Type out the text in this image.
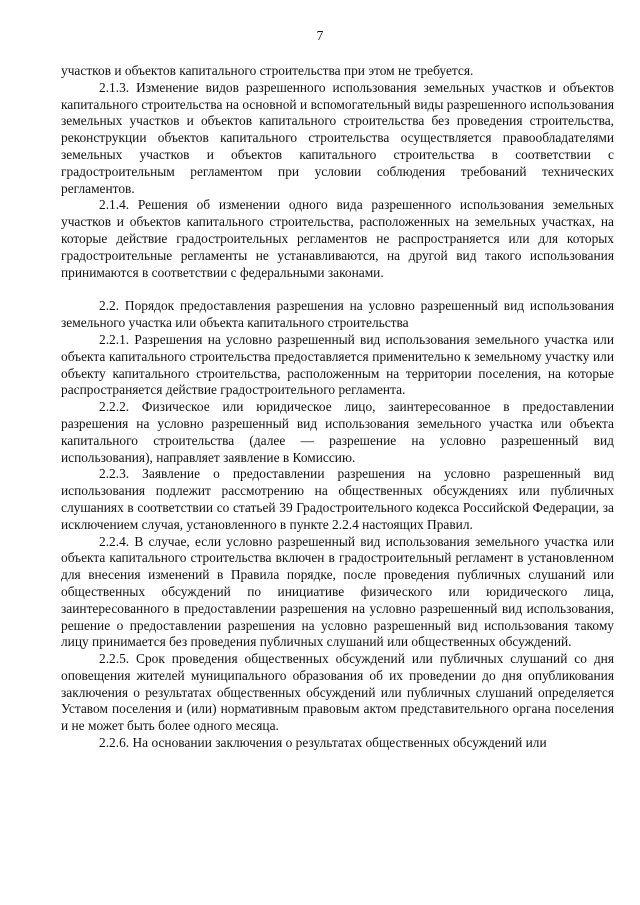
7

участков и объектов капитального строительства при этом не требуется.

2.1.3. Изменение видов разрешенного использования земельных участков и объектов капитального строительства на основной и вспомогательный виды разрешенного использования земельных участков и объектов капитального строительства без проведения строительства, реконструкции объектов капитального строительства осуществляется правообладателями земельных участков и объектов капитального строительства в соответствии с градостроительным регламентом при условии соблюдения требований технических регламентов.

2.1.4. Решения об изменении одного вида разрешенного использования земельных участков и объектов капитального строительства, расположенных на земельных участках, на которые действие градостроительных регламентов не распространяется или для которых градостроительные регламенты не устанавливаются, на другой вид такого использования принимаются в соответствии с федеральными законами.

2.2. Порядок предоставления разрешения на условно разрешенный вид использования земельного участка или объекта капитального строительства

2.2.1. Разрешения на условно разрешенный вид использования земельного участка или объекта капитального строительства предоставляется применительно к земельному участку или объекту капитального строительства, расположенным на территории поселения, на которые распространяется действие градостроительного регламента.

2.2.2. Физическое или юридическое лицо, заинтересованное в предоставлении разрешения на условно разрешенный вид использования земельного участка или объекта капитального строительства (далее — разрешение на условно разрешенный вид использования), направляет заявление в Комиссию.

2.2.3. Заявление о предоставлении разрешения на условно разрешенный вид использования подлежит рассмотрению на общественных обсуждениях или публичных слушаниях в соответствии со статьей 39 Градостроительного кодекса Российской Федерации, за исключением случая, установленного в пункте 2.2.4 настоящих Правил.

2.2.4. В случае, если условно разрешенный вид использования земельного участка или объекта капитального строительства включен в градостроительный регламент в установленном для внесения изменений в Правила порядке, после проведения публичных слушаний или общественных обсуждений по инициативе физического или юридического лица, заинтересованного в предоставлении разрешения на условно разрешенный вид использования, решение о предоставлении разрешения на условно разрешенный вид использования такому лицу принимается без проведения публичных слушаний или общественных обсуждений.

2.2.5. Срок проведения общественных обсуждений или публичных слушаний со дня оповещения жителей муниципального образования об их проведении до дня опубликования заключения о результатах общественных обсуждений или публичных слушаний определяется Уставом поселения и (или) нормативным правовым актом представительного органа поселения и не может быть более одного месяца.

2.2.6. На основании заключения о результатах общественных обсуждений или
